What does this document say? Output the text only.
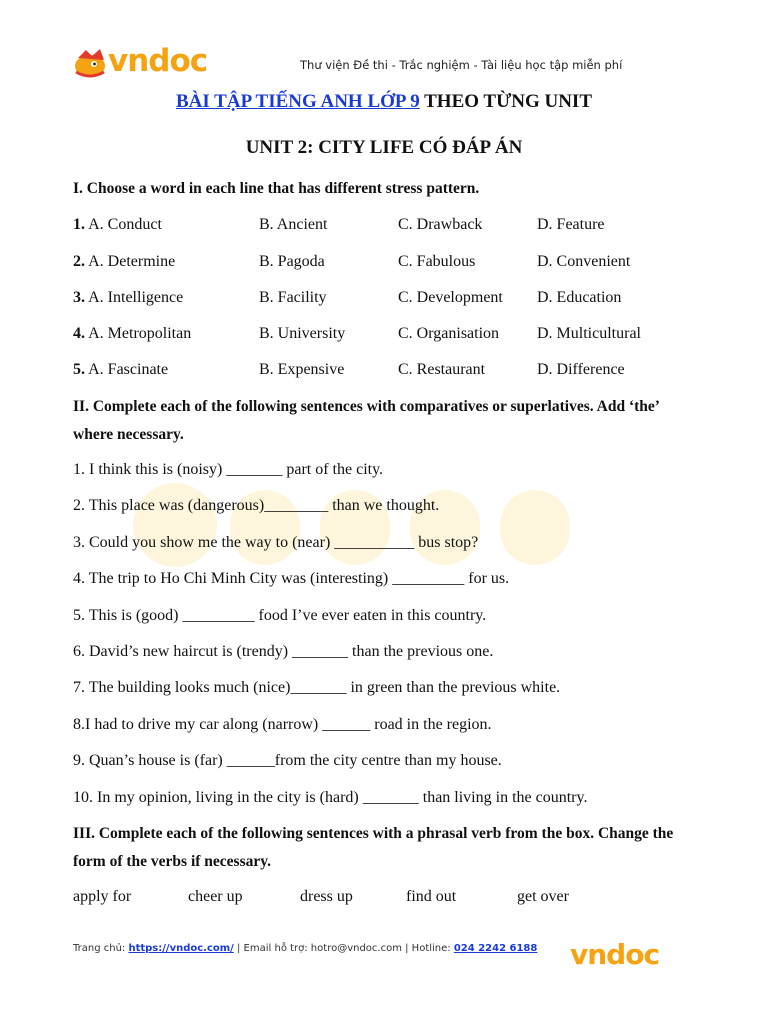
vndoc	Thư viện Đề thi - Trắc nghiệm - Tài liệu học tập miễn phí
BÀI TẬP TIẾNG ANH LỚP 9 THEO TỪNG UNIT
UNIT 2: CITY LIFE CÓ ĐÁP ÁN
I. Choose a word in each line that has different stress pattern.
1. A. Conduct	B. Ancient	C. Drawback	D. Feature
2. A. Determine	B. Pagoda	C. Fabulous	D. Convenient
3. A. Intelligence	B. Facility	C. Development D. Education
4. A. Metropolitan	B. University	C. Organisation D. Multicultural
5. A. Fascinate	B. Expensive	C. Restaurant	D. Difference
II. Complete each of the following sentences with comparatives or superlatives. Add ‘the’ where necessary.
1. I think this is (noisy) _______ part of the city.
2. This place was (dangerous)________ than we thought.
3. Could you show me the way to (near) __________ bus stop?
4. The trip to Ho Chi Minh City was (interesting) _________ for us.
5. This is (good) _________ food I’ve ever eaten in this country.
6. David’s new haircut is (trendy) _______ than the previous one.
7. The building looks much (nice)_______ in green than the previous white.
8.I had to drive my car along (narrow) ______ road in the region.
9. Quan’s house is (far) ______from the city centre than my house.
10. In my opinion, living in the city is (hard) _______ than living in the country.
III. Complete each of the following sentences with a phrasal verb from the box. Change the form of the verbs if necessary.
apply for	cheer up	dress up	find out	get over
Trang chủ: https://vndoc.com/ | Email hỗ trợ: hotro@vndoc.com | Hotline: 024 2242 6188 vndoc
